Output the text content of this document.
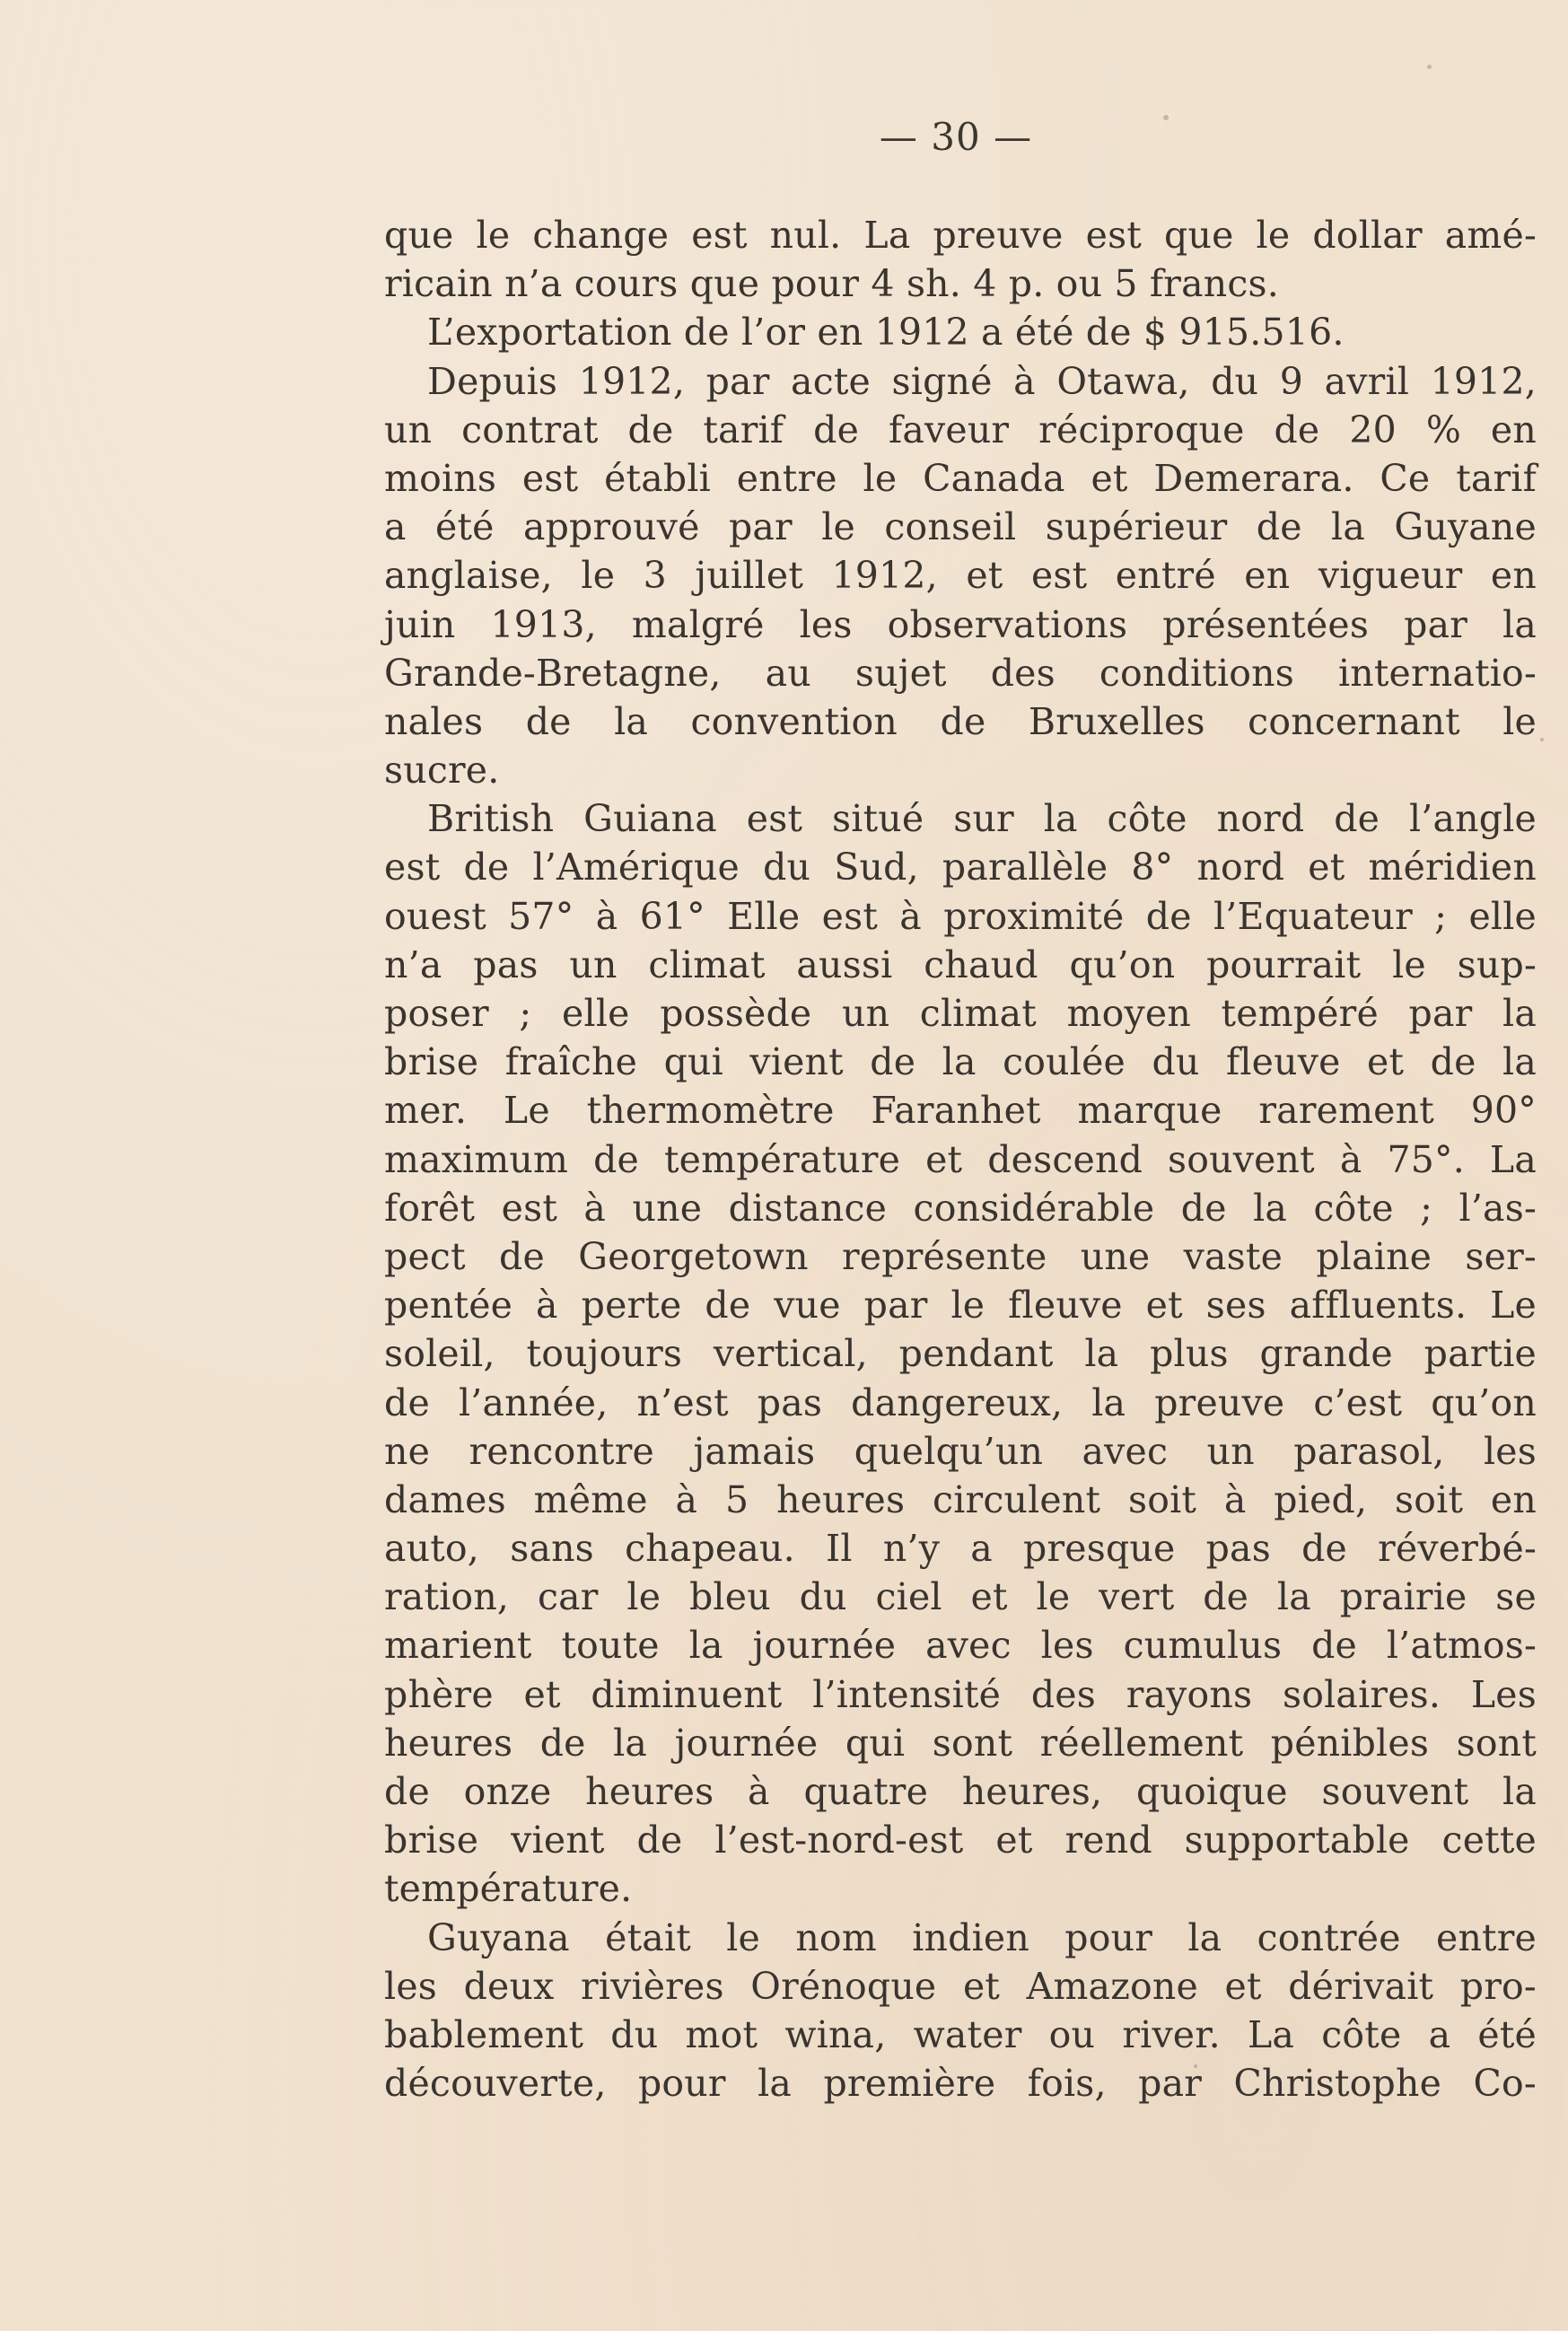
— 30 —
que le change est nul. La preuve est que le dollar amé-
ricain n’a cours que pour 4 sh. 4 p. ou 5 francs.
L’exportation de l’or en 1912 a été de $ 915.516.
Depuis 1912, par acte signé à Otawa, du 9 avril 1912,
un contrat de tarif de faveur réciproque de 20 % en
moins est établi entre le Canada et Demerara. Ce tarif
a été approuvé par le conseil supérieur de la Guyane
anglaise, le 3 juillet 1912, et est entré en vigueur en
juin 1913, malgré les observations présentées par la
Grande-Bretagne, au sujet des conditions internatio-
nales de la convention de Bruxelles concernant le
sucre.
British Guiana est situé sur la côte nord de l’angle
est de l’Amérique du Sud, parallèle 8° nord et méridien
ouest 57° à 61° Elle est à proximité de l’Equateur ; elle
n’a pas un climat aussi chaud qu’on pourrait le sup-
poser ; elle possède un climat moyen tempéré par la
brise fraîche qui vient de la coulée du fleuve et de la
mer. Le thermomètre Faranhet marque rarement 90°
maximum de température et descend souvent à 75°. La
forêt est à une distance considérable de la côte ; l’as-
pect de Georgetown représente une vaste plaine ser-
pentée à perte de vue par le fleuve et ses affluents. Le
soleil, toujours vertical, pendant la plus grande partie
de l’année, n’est pas dangereux, la preuve c’est qu’on
ne rencontre jamais quelqu’un avec un parasol, les
dames même à 5 heures circulent soit à pied, soit en
auto, sans chapeau. Il n’y a presque pas de réverbé-
ration, car le bleu du ciel et le vert de la prairie se
marient toute la journée avec les cumulus de l’atmos-
phère et diminuent l’intensité des rayons solaires. Les
heures de la journée qui sont réellement pénibles sont
de onze heures à quatre heures, quoique souvent la
brise vient de l’est-nord-est et rend supportable cette
température.
Guyana était le nom indien pour la contrée entre
les deux rivières Orénoque et Amazone et dérivait pro-
bablement du mot wina, water ou river. La côte a été
découverte, pour la première fois, par Christophe Co-
